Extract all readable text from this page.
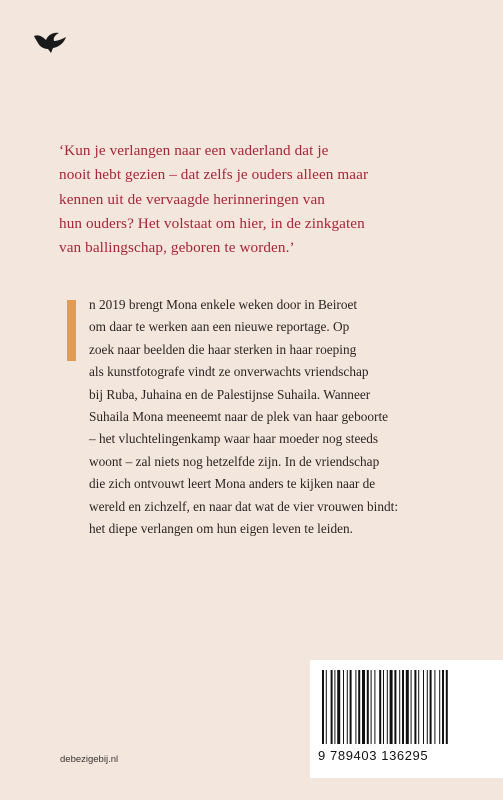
‘Kun je verlangen naar een vaderland dat je

nooit hebt gezien – dat zelfs je ouders alleen maar

kennen uit de vervaagde herinneringen van

hun ouders? Het volstaat om hier, in de zinkgaten

van ballingschap, geboren te worden.’

n 2019 brengt Mona enkele weken door in Beiroet

om daar te werken aan een nieuwe reportage. Op

zoek naar beelden die haar sterken in haar roeping

als kunstfotografe vindt ze onverwachts vriendschap

bij Ruba, Juhaina en de Palestijnse Suhaila. Wanneer

Suhaila Mona meeneemt naar de plek van haar geboorte

– het vluchtelingenkamp waar haar moeder nog steeds

woont – zal niets nog hetzelfde zijn. In de vriendschap

die zich ontvouwt leert Mona anders te kijken naar de

wereld en zichzelf, en naar dat wat de vier vrouwen bindt:

het diepe verlangen om hun eigen leven te leiden.

debezigebij.nl	9 789403 136295
